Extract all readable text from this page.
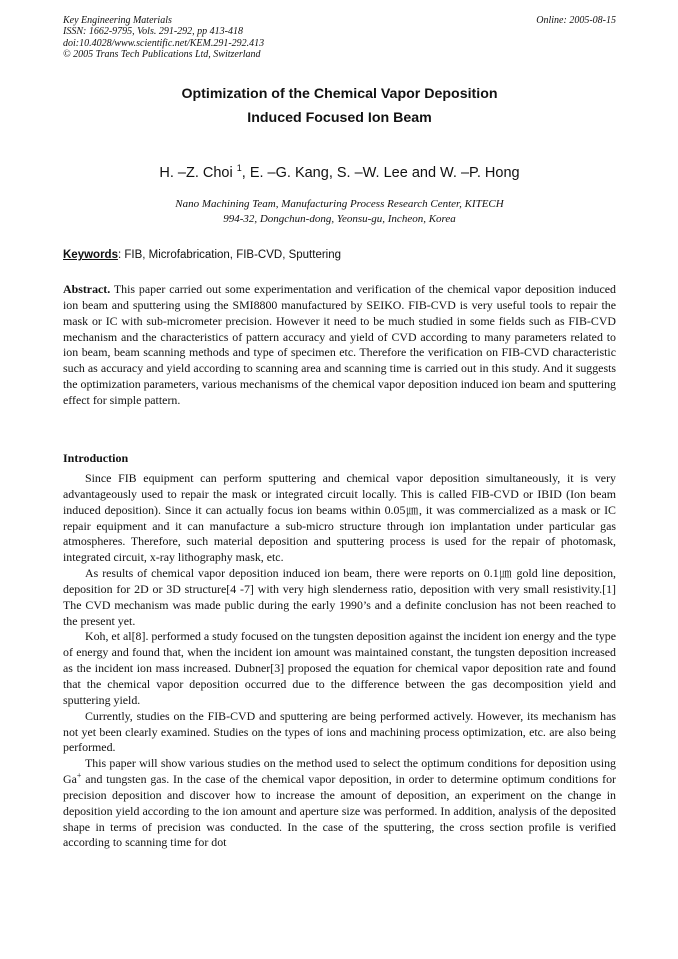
Key Engineering Materials
ISSN: 1662-9795, Vols. 291-292, pp 413-418
doi:10.4028/www.scientific.net/KEM.291-292.413
© 2005 Trans Tech Publications Ltd, Switzerland
Online: 2005-08-15
Optimization of the Chemical Vapor Deposition
Induced Focused Ion Beam
H. –Z. Choi $^1$, E. –G. Kang, S. –W. Lee and W. –P. Hong
Nano Machining Team, Manufacturing Process Research Center, KITECH
994-32, Dongchun-dong, Yeonsu-gu, Incheon, Korea
Keywords: FIB, Microfabrication, FIB-CVD, Sputtering
Abstract. This paper carried out some experimentation and verification of the chemical vapor deposition induced ion beam and sputtering using the SMI8800 manufactured by SEIKO. FIB-CVD is very useful tools to repair the mask or IC with sub-micrometer precision. However it need to be much studied in some fields such as FIB-CVD mechanism and the characteristics of pattern accuracy and yield of CVD according to many parameters related to ion beam, beam scanning methods and type of specimen etc. Therefore the verification on FIB-CVD characteristic such as accuracy and yield according to scanning area and scanning time is carried out in this study. And it suggests the optimization parameters, various mechanisms of the chemical vapor deposition induced ion beam and sputtering effect for simple pattern.
Introduction

Since FIB equipment can perform sputtering and chemical vapor deposition simultaneously, it is very advantageously used to repair the mask or integrated circuit locally. This is called FIB-CVD or IBID (Ion beam induced deposition). Since it can actually focus ion beams within 0.05㎛, it was commercialized as a mask or IC repair equipment and it can manufacture a sub-micro structure through ion implantation under particular gas atmospheres. Therefore, such material deposition and sputtering process is used for the repair of photomask, integrated circuit, x-ray lithography mask, etc.

As results of chemical vapor deposition induced ion beam, there were reports on 0.1㎛ gold line deposition, deposition for 2D or 3D structure[4 -7] with very high slenderness ratio, deposition with very small resistivity.[1] The CVD mechanism was made public during the early 1990’s and a definite conclusion has not been reached to the present yet.

Koh, et al[8]. performed a study focused on the tungsten deposition against the incident ion energy and the type of energy and found that, when the incident ion amount was maintained constant, the tungsten deposition increased as the incident ion mass increased. Dubner[3] proposed the equation for chemical vapor deposition rate and found that the chemical vapor deposition occurred due to the difference between the gas decomposition yield and sputtering yield.

Currently, studies on the FIB-CVD and sputtering are being performed actively. However, its mechanism has not yet been clearly examined. Studies on the types of ions and machining process optimization, etc. are also being performed.

This paper will show various studies on the method used to select the optimum conditions for deposition using Ga+ and tungsten gas. In the case of the chemical vapor deposition, in order to determine optimum conditions for precision deposition and discover how to increase the amount of deposition, an experiment on the change in deposition yield according to the ion amount and aperture size was performed. In addition, analysis of the deposited shape in terms of precision was conducted. In the case of the sputtering, the cross section profile is verified according to scanning time for dot
